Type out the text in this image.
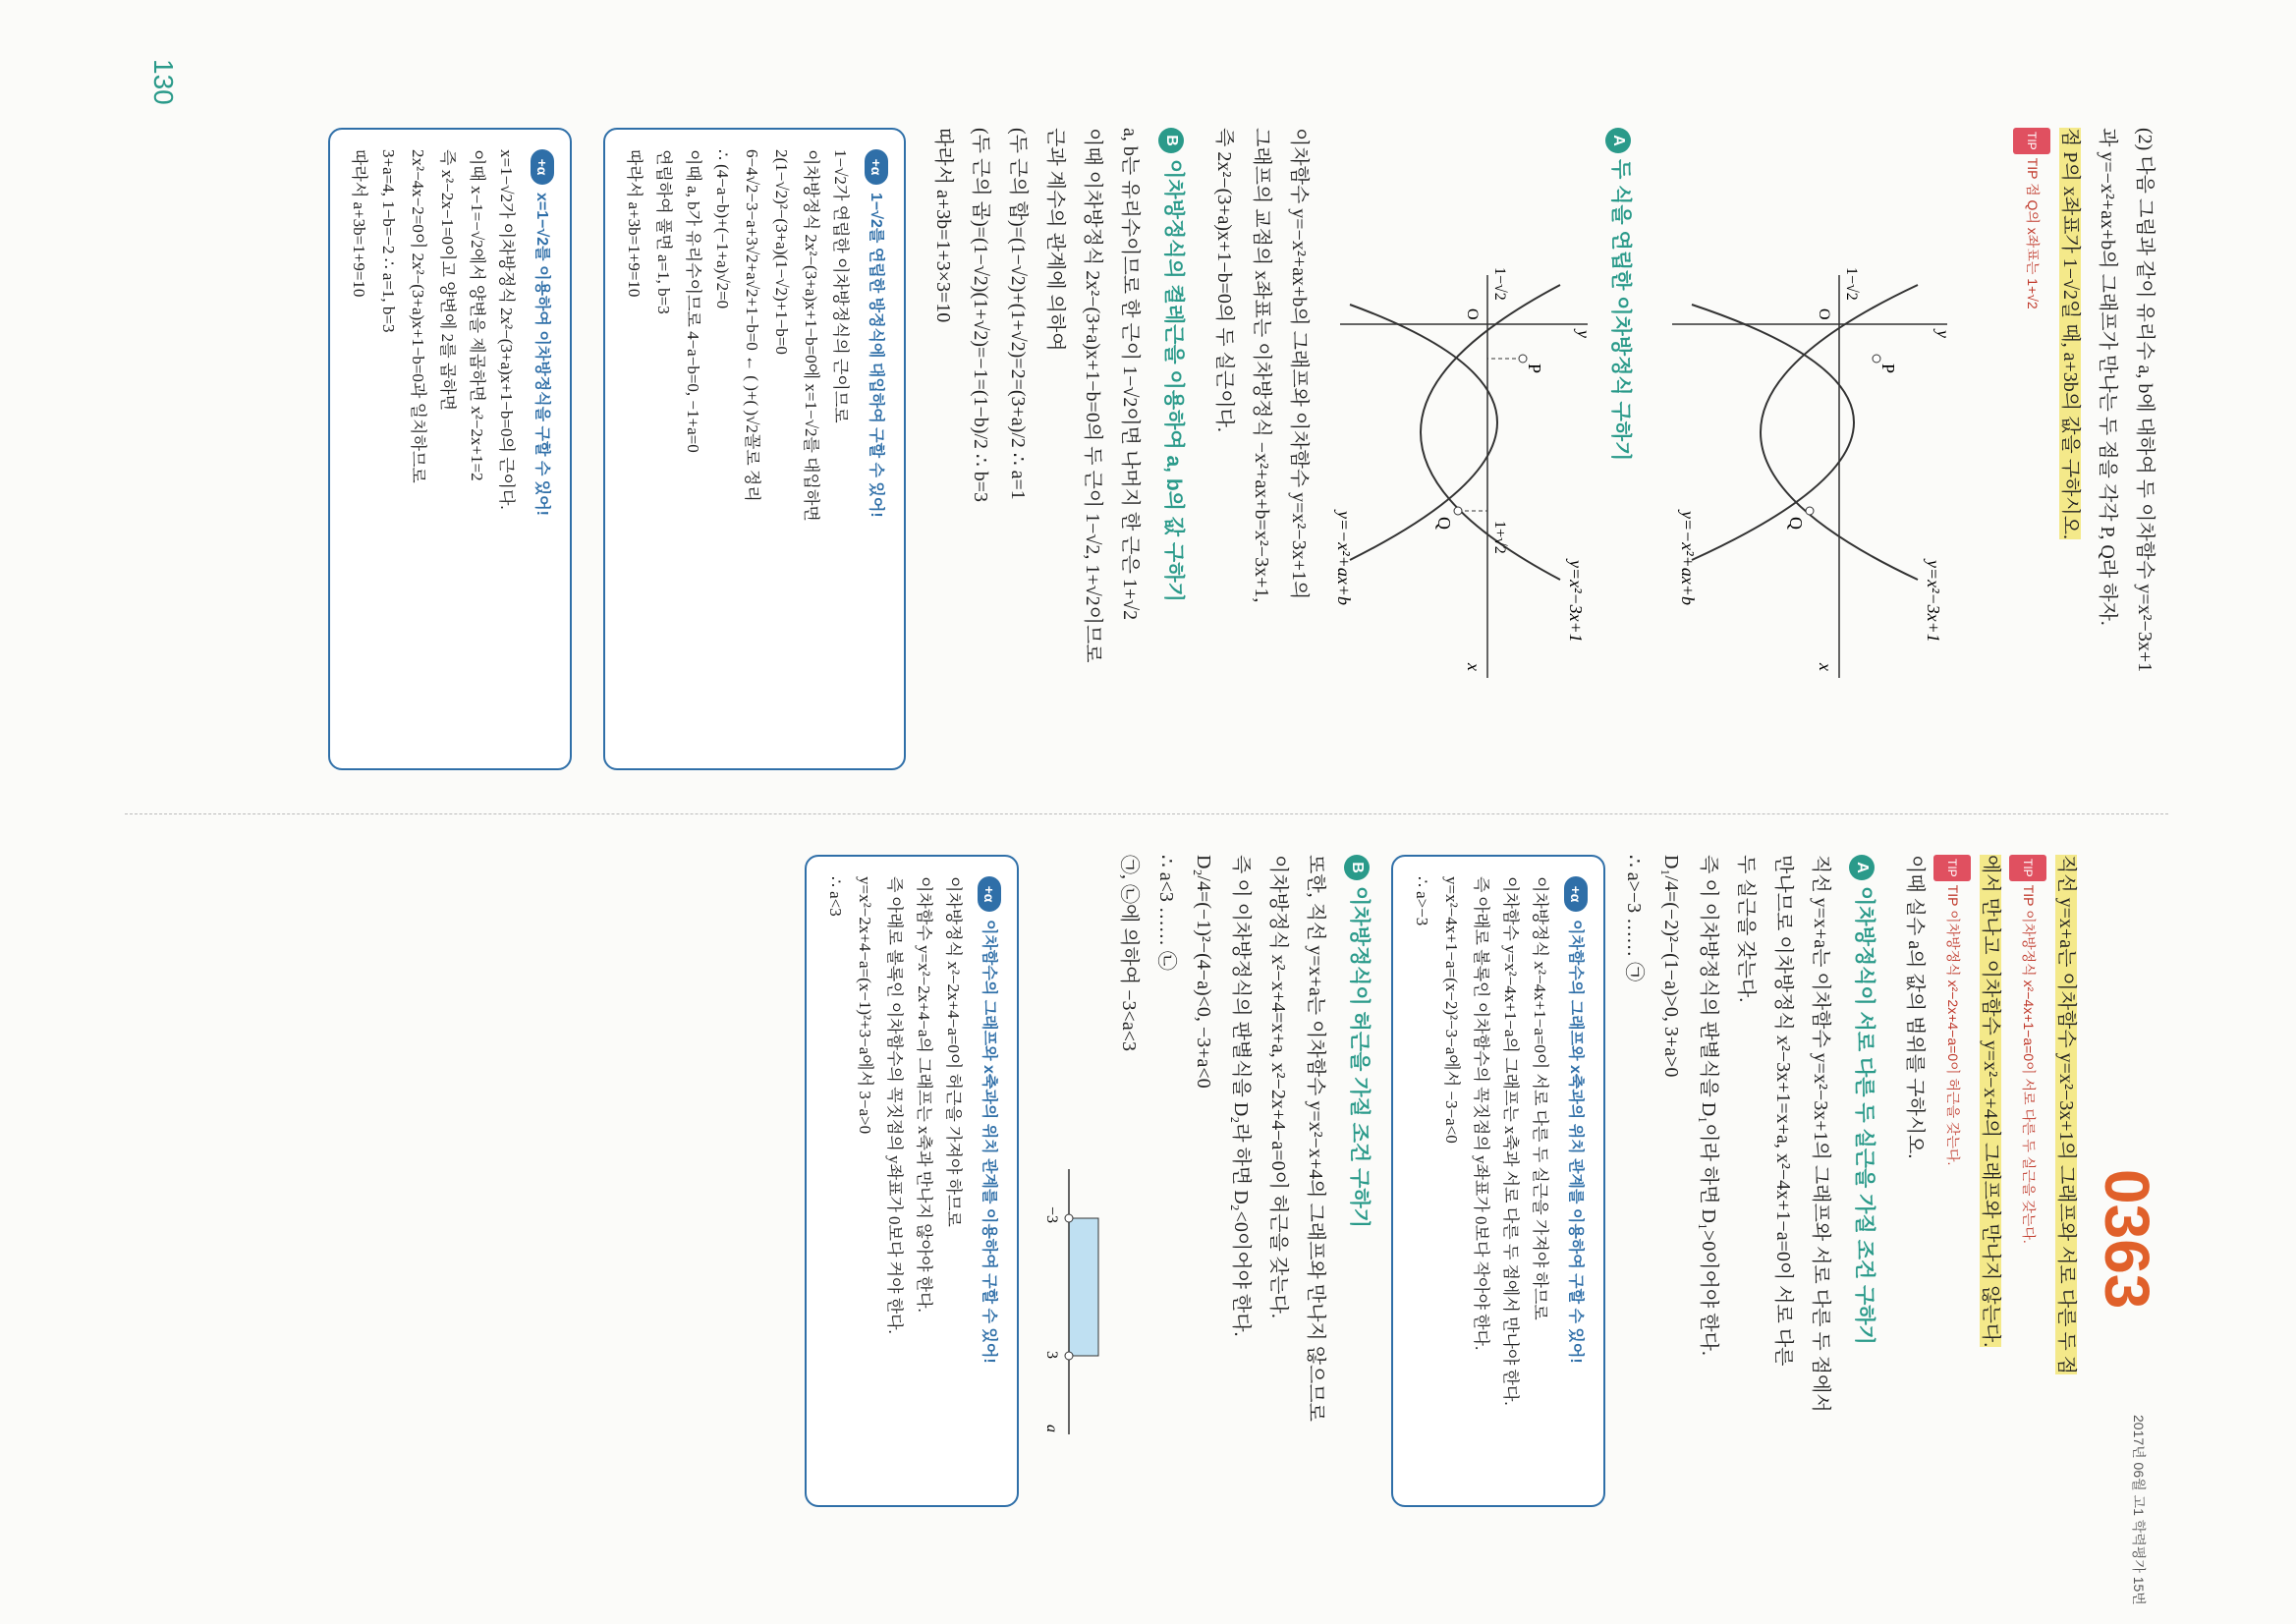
130

(2) 다음 그림과 같이 유리수 a, b에 대하여 두 이차함수 y=x²−3x+1

과 y=−x²+ax+b의 그래프가 만나는 두 점을 각각 P, Q라 하자.

점 P의 x좌표가 1−√2일 때, a+3b의 값을 구하시오.

TIPTIP 점 Q의 x좌표는 1+√2

y=x²−3x+1
y=−x²+ax+b
x
y
O
P
Q
1−√2
A두 식을 연립한 이차방정식 구하기
y=x²−3x+1
y=−x²+ax+b
x
y
O
P
Q
1−√2
1+√2

이차함수 y=−x²+ax+b의 그래프와 이차함수 y=x²−3x+1의

그래프의 교점의 x좌표는 이차방정식 −x²+ax+b=x²−3x+1,

즉 2x²−(3+a)x+1−b=0의 두 실근이다.

B이차방정식의 켤레근을 이용하여 a, b의 값 구하기

a, b는 유리수이므로 한 근이 1−√2이면 나머지 한 근은 1+√2

이때 이차방정식 2x²−(3+a)x+1−b=0의 두 근이 1−√2, 1+√2이므로

근과 계수의 관계에 의하여

(두 근의 합)=(1−√2)+(1+√2)=2=(3+a)/2 ∴ a=1

(두 근의 곱)=(1−√2)(1+√2)=−1=(1−b)/2 ∴ b=3

따라서 a+3b=1+3×3=10

+α1−√2를 연립한 방정식에 대입하여 구할 수 있어!
1−√2가 연립한 이차방정식의 근이므로
이차방정식 2x²−(3+a)x+1−b=0에 x=1−√2를 대입하면
2(1−√2)²−(3+a)(1−√2)+1−b=0
6−4√2−3−a+3√2+a√2+1−b=0 ← ( )+( )√2꼴로 정리
∴ (4−a−b)+(−1+a)√2=0
이때 a, b가 유리수이므로 4−a−b=0, −1+a=0
연립하여 풀면 a=1, b=3
따라서 a+3b=1+9=10
+αx=1−√2를 이용하여 이차방정식을 구할 수 있어!
x=1−√2가 이차방정식 2x²−(3+a)x+1−b=0의 근이다.
이때 x−1=−√2에서 양변을 제곱하면 x²−2x+1=2
즉 x²−2x−1=0이고 양변에 2를 곱하면
2x²−4x−2=0이 2x²−(3+a)x+1−b=0과 일치하므로
3+a=4, 1−b=−2 ∴ a=1, b=3
따라서 a+3b=1+9=10
0363

직선 y=x+a는 이차함수 y=x²−3x+1의 그래프와 서로 다른 두 점

TIPTIP 이차방정식 x²−4x+1−a=0이 서로 다른 두 실근을 갖는다.

에서 만나고 이차함수 y=x²−x+4의 그래프와 만나지 않는다.

TIPTIP 이차방정식 x²−2x+4−a=0이 허근을 갖는다.

이때 실수 a의 값의 범위를 구하시오.

A이차방정식이 서로 다른 두 실근을 가질 조건 구하기

직선 y=x+a는 이차함수 y=x²−3x+1의 그래프와 서로 다른 두 점에서

만나므로 이차방정식 x²−3x+1=x+a, x²−4x+1−a=0이 서로 다른

두 실근을 갖는다.

즉 이 이차방정식의 판별식을 D₁이라 하면 D₁>0이어야 한다.

D₁/4=(−2)²−(1−a)>0, 3+a>0

∴ a>−3 …… ㉠

+α이차함수의 그래프와 x축과의 위치 관계를 이용하여 구할 수 있어!
이차방정식 x²−4x+1−a=0이 서로 다른 두 실근을 가져야 하므로
이차함수 y=x²−4x+1−a의 그래프는 x축과 서로 다른 두 점에서 만나야 한다.
즉 아래로 볼록인 이차함수의 꼭짓점의 y좌표가 0보다 작아야 한다.
y=x²−4x+1−a=(x−2)²−3−a에서 −3−a<0
∴ a>−3
B이차방정식이 허근을 가질 조건 구하기

또한, 직선 y=x+a는 이차함수 y=x²−x+4의 그래프와 만나지 않으므로

이차방정식 x²−x+4=x+a, x²−2x+4−a=0이 허근을 갖는다.

즉 이 이차방정식의 판별식을 D₂라 하면 D₂<0이어야 한다.

D₂/4=(−1)²−(4−a)<0, −3+a<0

∴ a<3 …… ㉡

㉠, ㉡에 의하여 −3<a<3

−3
3
a
+α이차함수의 그래프와 x축과의 위치 관계를 이용하여 구할 수 있어!
이차방정식 x²−2x+4−a=0이 허근을 가져야 하므로
이차함수 y=x²−2x+4−a의 그래프는 x축과 만나지 않아야 한다.
즉 아래로 볼록인 이차함수의 꼭짓점의 y좌표가 0보다 커야 한다.
y=x²−2x+4−a=(x−1)²+3−a에서 3−a>0
∴ a<3
2017년 06월 고1 학력평가 15번
